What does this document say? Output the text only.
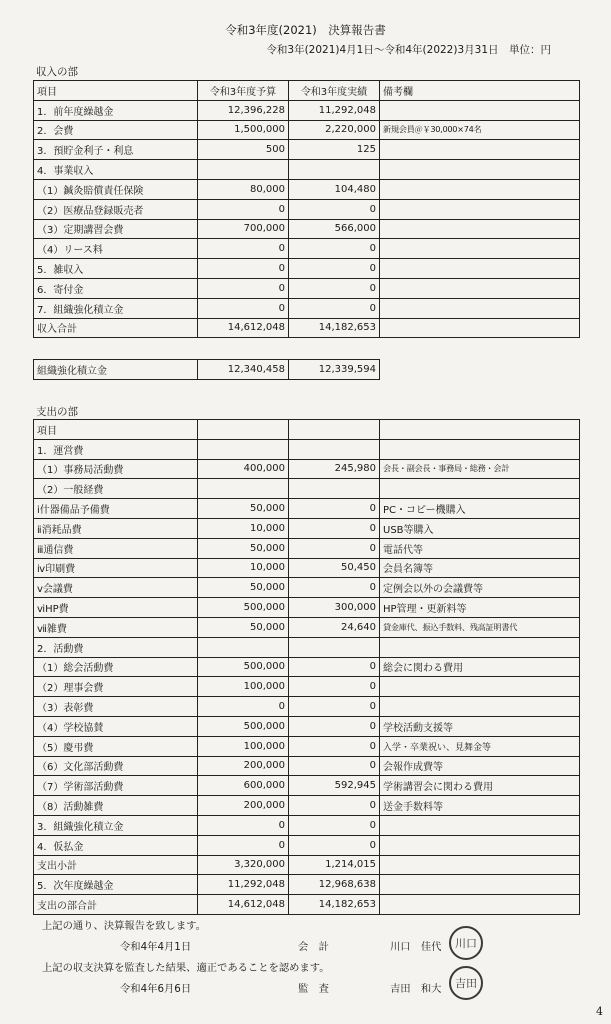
令和3年度(2021)　決算報告書
令和3年(2021)4月1日～令和4年(2022)3月31日　単位：円
収入の部
項目	令和3年度予算	令和3年度実績	備考欄
1．前年度繰越金	12,396,228	11,292,048	
2．会費	1,500,000	2,220,000	新規会員＠￥30,000×74名
3．預貯金利子・利息	500	125	
4．事業収入			
（1）鍼灸賠償責任保険	80,000	104,480	
（2）医療品登録販売者	0	0	
（3）定期講習会費	700,000	566,000	
（4）リース料	0	0	
5．雑収入	0	0	
6．寄付金	0	0	
7．組織強化積立金	0	0	
収入合計	14,612,048	14,182,653	
組織強化積立金	12,340,458	12,339,594
支出の部
項目			
1．運営費			
（1）事務局活動費	400,000	245,980	会長・副会長・事務局・総務・会計
（2）一般経費			
ⅰ什器備品予備費	50,000	0	PC・コピー機購入
ⅱ消耗品費	10,000	0	USB等購入
ⅲ通信費	50,000	0	電話代等
ⅳ印刷費	10,000	50,450	会員名簿等
ⅴ会議費	50,000	0	定例会以外の会議費等
ⅵHP費	500,000	300,000	HP管理・更新料等
ⅶ雑費	50,000	24,640	貸金庫代、振込手数料、残高証明書代
2．活動費			
（1）総会活動費	500,000	0	総会に関わる費用
（2）理事会費	100,000	0	
（3）表彰費	0	0	
（4）学校協賛	500,000	0	学校活動支援等
（5）慶弔費	100,000	0	入学・卒業祝い、見舞金等
（6）文化部活動費	200,000	0	会報作成費等
（7）学術部活動費	600,000	592,945	学術講習会に関わる費用
（8）活動雑費	200,000	0	送金手数料等
3．組織強化積立金	0	0	
4．仮払金	0	0	
支出小計	3,320,000	1,214,015	
5．次年度繰越金	11,292,048	12,968,638	
支出の部合計	14,612,048	14,182,653	
上記の通り、決算報告を致します。
令和4年4月1日	会　計	川口　佳代 川口
上記の収支決算を監査した結果、適正であることを認めます。
令和4年6月6日	監　査	吉田　和大 吉田
4
